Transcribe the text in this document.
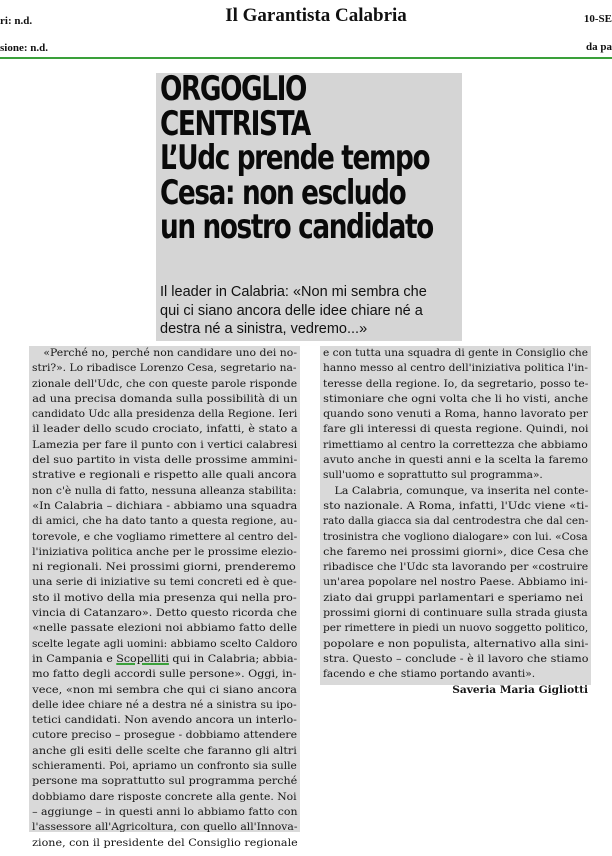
ri: n.d.
sione: n.d.
Il Garantista Calabria	10-SE
da pa
ORGOGLIO
CENTRISTA
L’Udc prende tempo
Cesa: non escludo
un nostro candidato

Il leader in Calabria: «Non mi sembra che
qui ci siano ancora delle idee chiare né a
destra né a sinistra, vedremo...»

«Perché no, perché non candidare uno dei no-
stri?». Lo ribadisce Lorenzo Cesa, segretario na-
zionale dell'Udc, che con queste parole risponde
ad una precisa domanda sulla possibilità di un
candidato Udc alla presidenza della Regione. Ieri
il leader dello scudo crociato, infatti, è stato a
Lamezia per fare il punto con i vertici calabresi
del suo partito in vista delle prossime ammini-
strative e regionali e rispetto alle quali ancora
non c'è nulla di fatto, nessuna alleanza stabilita:
«In Calabria – dichiara - abbiamo una squadra
di amici, che ha dato tanto a questa regione, au-
torevole, e che vogliamo rimettere al centro del-
l'iniziativa politica anche per le prossime elezio-
ni regionali. Nei prossimi giorni, prenderemo
una serie di iniziative su temi concreti ed è que-
sto il motivo della mia presenza qui nella pro-
vincia di Catanzaro». Detto questo ricorda che
«nelle passate elezioni noi abbiamo fatto delle
scelte legate agli uomini: abbiamo scelto Caldoro
in Campania e Scopelliti qui in Calabria; abbia-
mo fatto degli accordi sulle persone». Oggi, in-
vece, «non mi sembra che qui ci siano ancora
delle idee chiare né a destra né a sinistra su ipo-
tetici candidati. Non avendo ancora un interlo-
cutore preciso – prosegue - dobbiamo attendere
anche gli esiti delle scelte che faranno gli altri
schieramenti. Poi, apriamo un confronto sia sulle
persone ma soprattutto sul programma perché
dobbiamo dare risposte concrete alla gente. Noi
– aggiunge – in questi anni lo abbiamo fatto con
l'assessore all'Agricoltura, con quello all'Innova-
zione, con il presidente del Consiglio regionale
e con tutta una squadra di gente in Consiglio che
hanno messo al centro dell'iniziativa politica l'in-
teresse della regione. Io, da segretario, posso te-
stimoniare che ogni volta che li ho visti, anche
quando sono venuti a Roma, hanno lavorato per
fare gli interessi di questa regione. Quindi, noi
rimettiamo al centro la correttezza che abbiamo
avuto anche in questi anni e la scelta la faremo
sull'uomo e soprattutto sul programma».
La Calabria, comunque, va inserita nel conte-
sto nazionale. A Roma, infatti, l'Udc viene «ti-
rato dalla giacca sia dal centrodestra che dal cen-
trosinistra che vogliono dialogare» con lui. «Cosa
che faremo nei prossimi giorni», dice Cesa che
ribadisce che l'Udc sta lavorando per «costruire
un'area popolare nel nostro Paese. Abbiamo ini-
ziato dai gruppi parlamentari e speriamo nei
prossimi giorni di continuare sulla strada giusta
per rimettere in piedi un nuovo soggetto politico,
popolare e non populista, alternativo alla sini-
stra. Questo – conclude - è il lavoro che stiamo
facendo e che stiamo portando avanti».
Saveria Maria Gigliotti
